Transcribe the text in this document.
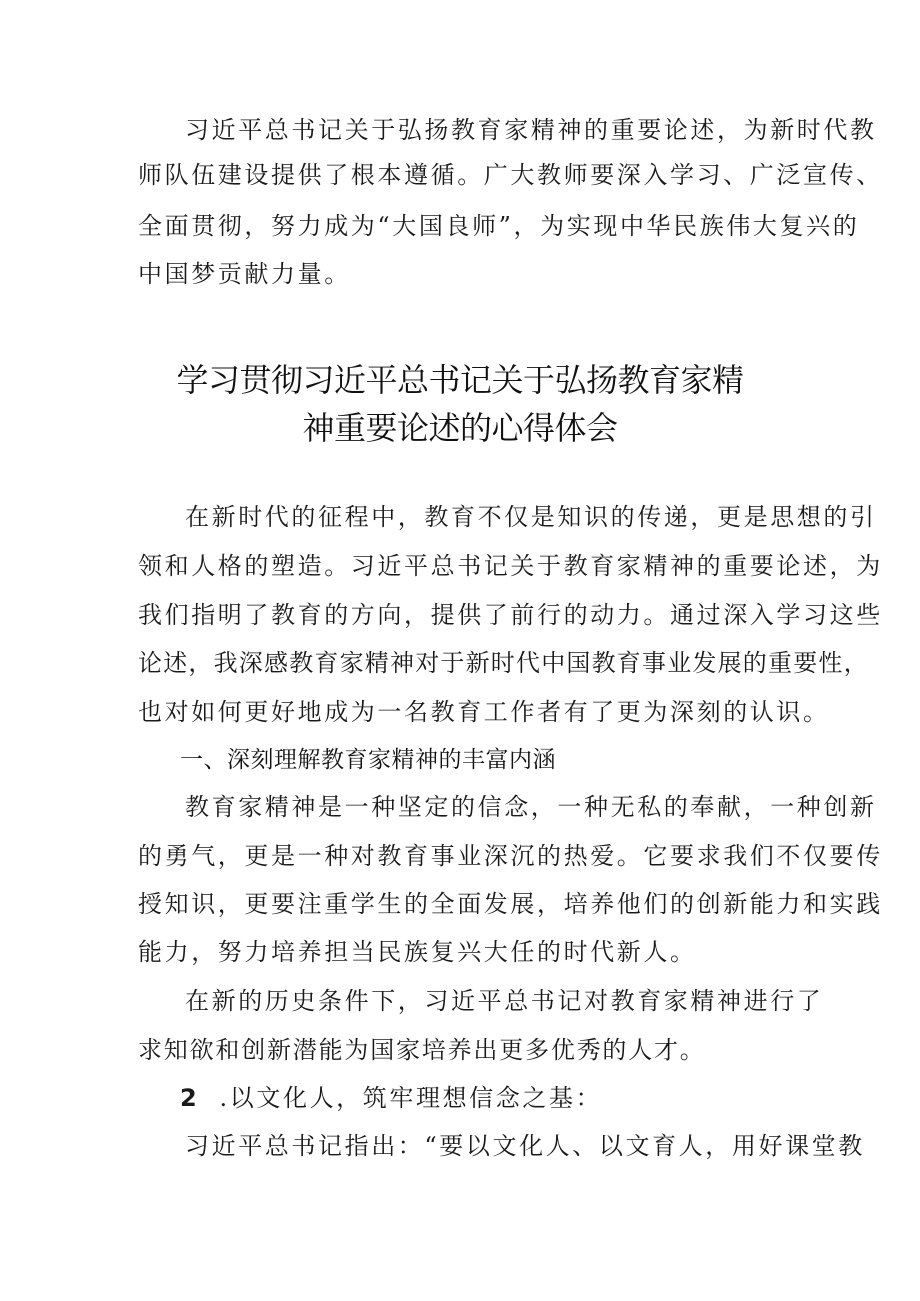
习近平总书记关于弘扬教育家精神的重要论述，为新时代教
师队伍建设提供了根本遵循。广大教师要深入学习、广泛宣传、
全面贯彻，努力成为“大国良师”，为实现中华民族伟大复兴的
中国梦贡献力量。
学习贯彻习近平总书记关于弘扬教育家精
神重要论述的心得体会
在新时代的征程中，教育不仅是知识的传递，更是思想的引
领和人格的塑造。习近平总书记关于教育家精神的重要论述，为
我们指明了教育的方向，提供了前行的动力。通过深入学习这些
论述，我深感教育家精神对于新时代中国教育事业发展的重要性，
也对如何更好地成为一名教育工作者有了更为深刻的认识。
一、深刻理解教育家精神的丰富内涵
教育家精神是一种坚定的信念，一种无私的奉献，一种创新
的勇气，更是一种对教育事业深沉的热爱。它要求我们不仅要传
授知识，更要注重学生的全面发展，培养他们的创新能力和实践
能力，努力培养担当民族复兴大任的时代新人。
在新的历史条件下，习近平总书记对教育家精神进行了
求知欲和创新潜能为国家培养出更多优秀的人才。
2 .以文化人，筑牢理想信念之基：
习近平总书记指出：“要以文化人、以文育人，用好课堂教
